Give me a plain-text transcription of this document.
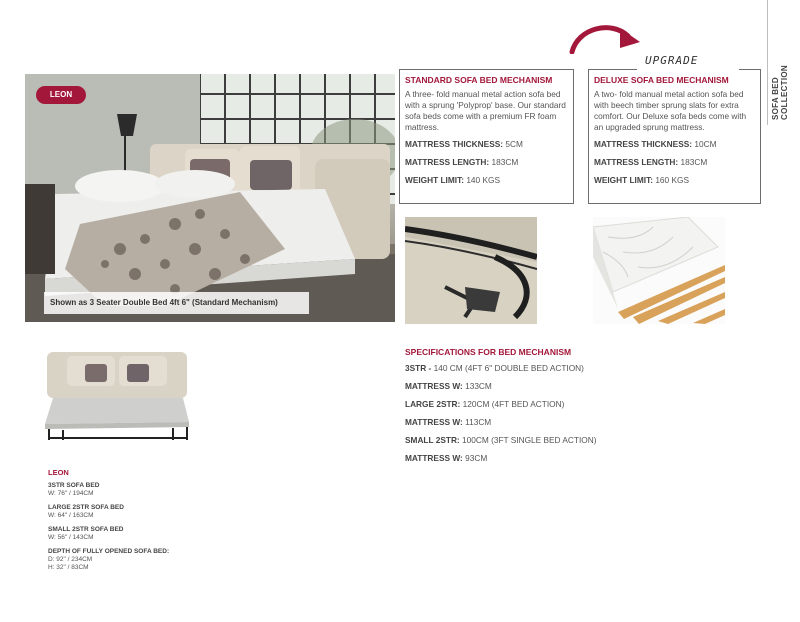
SOFA BED COLLECTION
LEON
Shown as 3 Seater Double Bed 4ft 6" (Standard Mechanism)
UPGRADE
STANDARD SOFA BED MECHANISM
A three- fold manual metal action sofa bed with a sprung 'Polyprop' base. Our standard sofa beds come with a premium FR foam mattress.
MATTRESS THICKNESS: 5CM
MATTRESS LENGTH: 183CM
WEIGHT LIMIT: 140 KGS
DELUXE SOFA BED MECHANISM
A two- fold manual metal action sofa bed with beech timber sprung slats for extra comfort. Our Deluxe sofa beds come with an upgraded sprung mattress.
MATTRESS THICKNESS: 10CM
MATTRESS LENGTH: 183CM
WEIGHT LIMIT: 160 KGS
SPECIFICATIONS FOR BED MECHANISM
3STR - 140 CM (4FT 6" DOUBLE BED ACTION)
MATTRESS W: 133CM
LARGE 2STR: 120CM (4FT BED ACTION)
MATTRESS W: 113CM
SMALL 2STR: 100CM (3FT SINGLE BED ACTION)
MATTRESS W: 93CM
LEON
3STR SOFA BED
W: 76" / 194CM
LARGE 2STR SOFA BED
W: 64" / 163CM
SMALL 2STR SOFA BED
W: 56" / 143CM
DEPTH OF FULLY OPENED SOFA BED:
D: 92" / 234CM
H: 32" / 83CM
